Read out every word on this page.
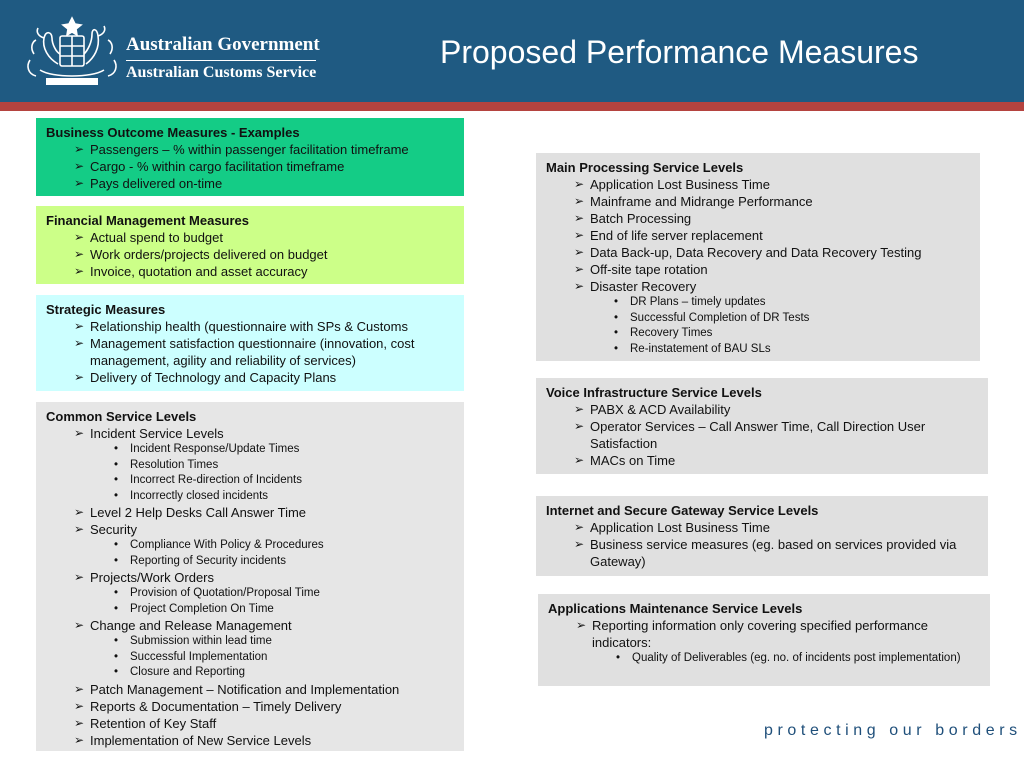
Australian Government
Australian Customs Service
Proposed Performance Measures
Business Outcome Measures - Examples
➢ Passengers – % within passenger facilitation timeframe
➢ Cargo - % within cargo facilitation timeframe
➢ Pays delivered on-time
Financial Management Measures
➢ Actual spend to budget
➢ Work orders/projects delivered on budget
➢ Invoice, quotation and asset accuracy
Strategic Measures
➢ Relationship health (questionnaire with SPs & Customs
➢ Management satisfaction questionnaire (innovation, cost management, agility and reliability of services)
➢ Delivery of Technology and Capacity Plans
Common Service Levels
➢ Incident Service Levels
• Incident Response/Update Times
• Resolution Times
• Incorrect Re-direction of Incidents
• Incorrectly closed incidents
➢ Level 2 Help Desks Call Answer Time
➢ Security
• Compliance With Policy & Procedures
• Reporting of Security incidents
➢ Projects/Work Orders
• Provision of Quotation/Proposal Time
• Project Completion On Time
➢ Change and Release Management
• Submission within lead time
• Successful Implementation
• Closure and Reporting
➢ Patch Management – Notification and Implementation
➢ Reports & Documentation – Timely Delivery
➢ Retention of Key Staff
➢ Implementation of New Service Levels
Main Processing Service Levels
➢ Application Lost Business Time
➢ Mainframe and Midrange Performance
➢ Batch Processing
➢ End of life server replacement
➢ Data Back-up, Data Recovery and Data Recovery Testing
➢ Off-site tape rotation
➢ Disaster Recovery
• DR Plans – timely updates
• Successful Completion of DR Tests
• Recovery Times
• Re-instatement of BAU SLs
Voice Infrastructure Service Levels
➢ PABX & ACD Availability
➢ Operator Services – Call Answer Time, Call Direction User Satisfaction
➢ MACs on Time
Internet and Secure Gateway Service Levels
➢ Application Lost Business Time
➢ Business service measures (eg. based on services provided via Gateway)
Applications Maintenance Service Levels
➢ Reporting information only covering specified performance indicators:
• Quality of Deliverables (eg. no. of incidents post implementation)
protecting our borders
